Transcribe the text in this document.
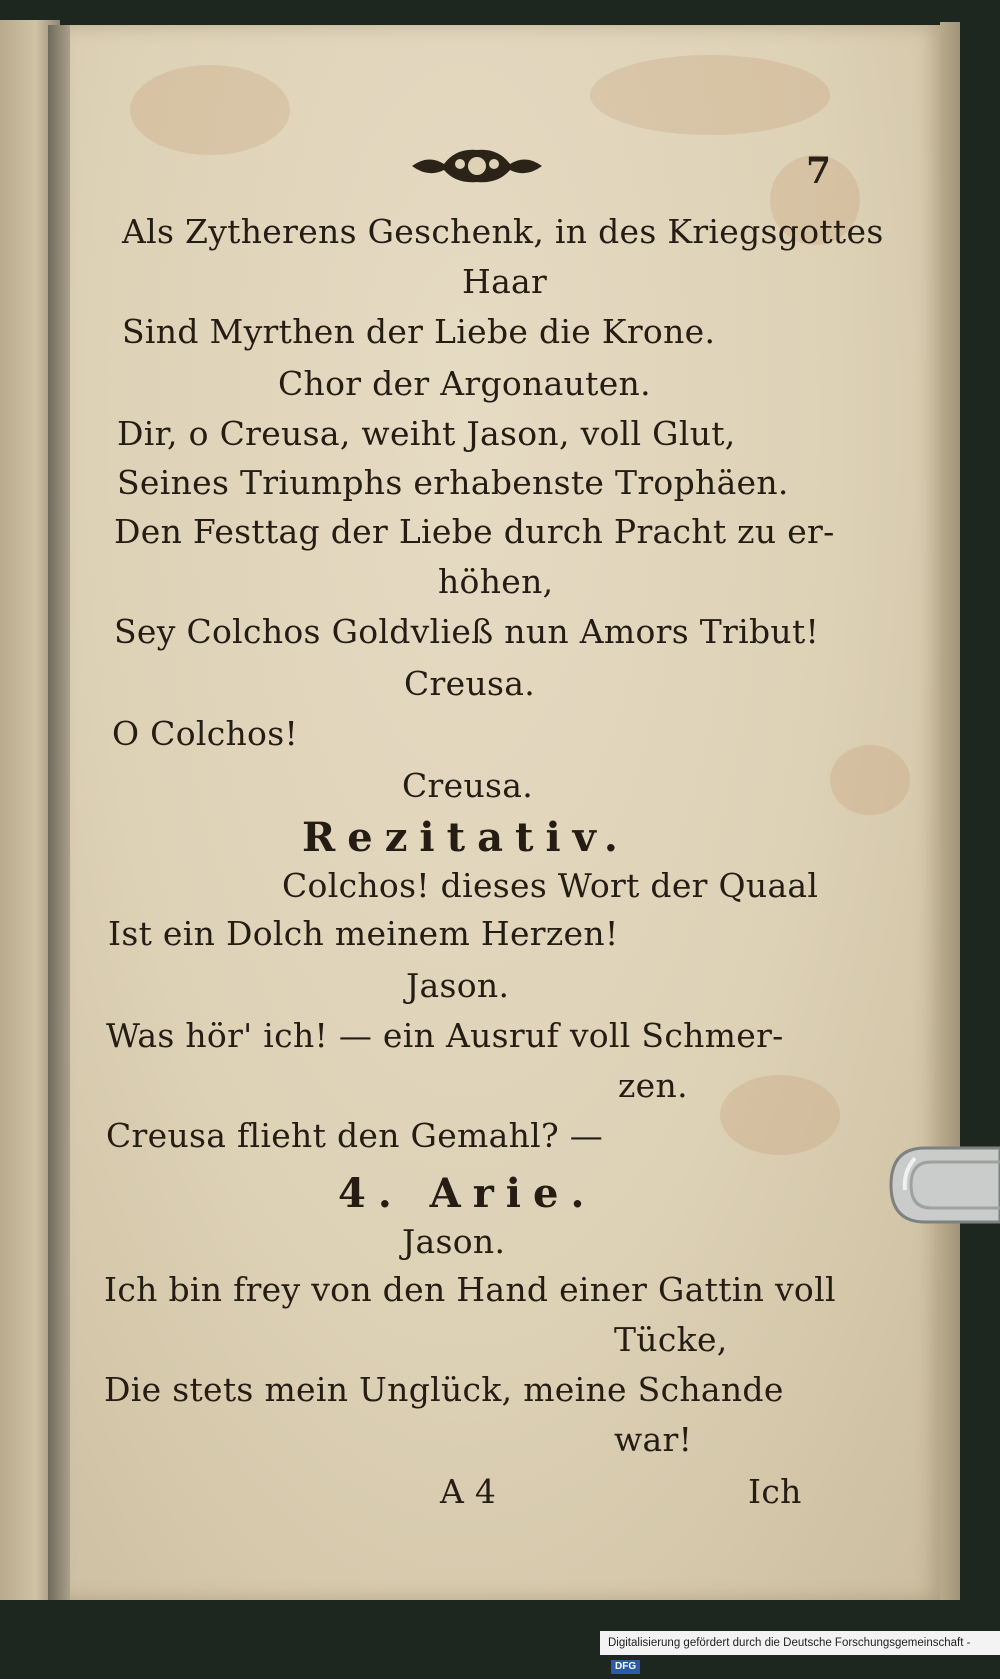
7
Als Zytherens Geschenk, in des Kriegsgottes
Haar
Sind Myrthen der Liebe die Krone.
Chor der Argonauten.
Dir, o Creusa, weiht Jason, voll Glut,
Seines Triumphs erhabenste Trophäen.
Den Festtag der Liebe durch Pracht zu er-
höhen,
Sey Colchos Goldvließ nun Amors Tribut!
Creusa.
O Colchos!
Creusa.
Rezitativ.
Colchos! dieses Wort der Quaal
Ist ein Dolch meinem Herzen!
Jason.
Was hör' ich! — ein Ausruf voll Schmer-
zen.
Creusa flieht den Gemahl? —
4. Arie.
Jason.
Ich bin frey von den Hand einer Gattin voll
Tücke,
Die stets mein Unglück, meine Schande
war!
A 4	Ich
Digitalisierung gefördert durch die Deutsche Forschungsgemeinschaft -DFG
